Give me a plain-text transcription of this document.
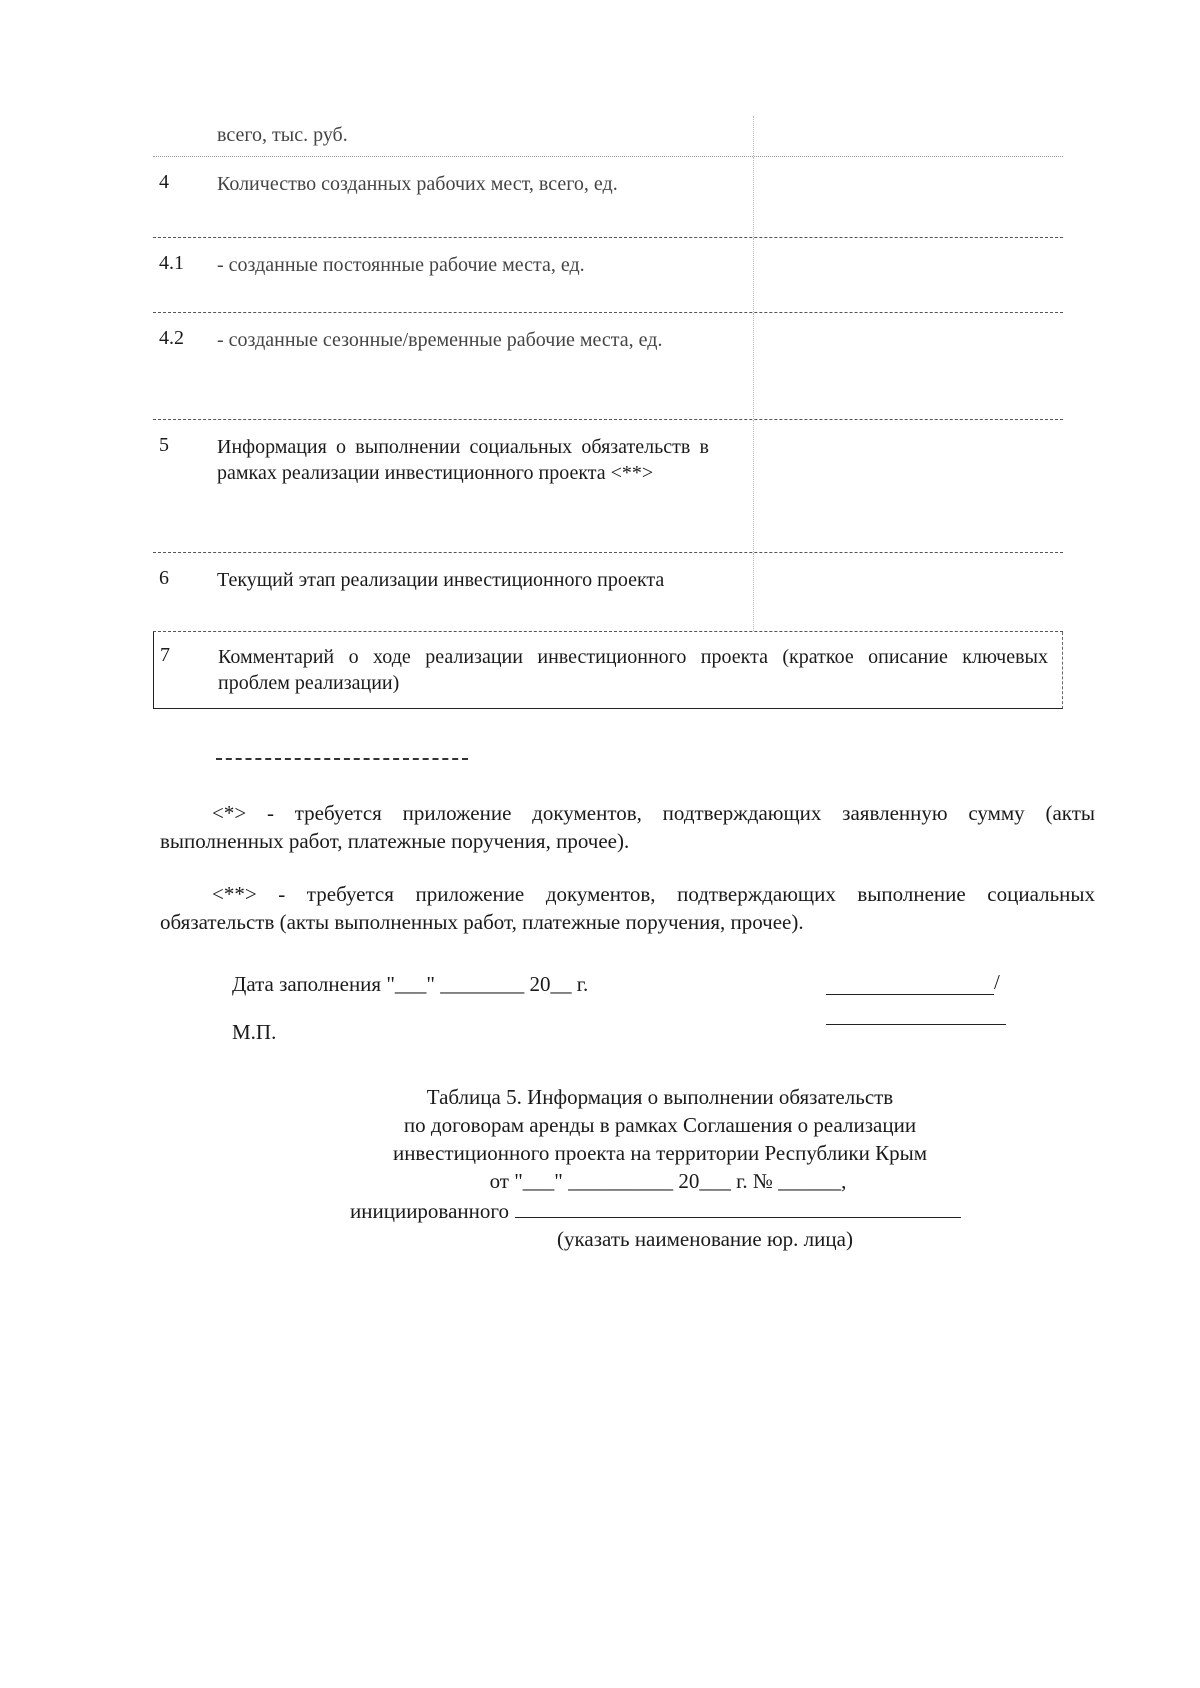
всего, тыс. руб.
4 Количество созданных рабочих мест, всего, ед.
4.1 - созданные постоянные рабочие места, ед.
4.2 - созданные сезонные/временные рабочие места, ед.
5 Информация о выполнении социальных обязательств в рамках реализации инвестиционного проекта <**>
6 Текущий этап реализации инвестиционного проекта
7 Комментарий о ходе реализации инвестиционного проекта (краткое описание ключевых проблем реализации)
<*> - требуется приложение документов, подтверждающих заявленную сумму (акты выполненных работ, платежные поручения, прочее).
<**> - требуется приложение документов, подтверждающих выполнение социальных обязательств (акты выполненных работ, платежные поручения, прочее).
Дата заполнения "___" ________ 20__ г.	/
М.П.
Таблица 5. Информация о выполнении обязательств
по договорам аренды в рамках Соглашения о реализации
инвестиционного проекта на территории Республики Крым
от "___" __________ 20___ г. № ______,
инициированного
(указать наименование юр. лица)
